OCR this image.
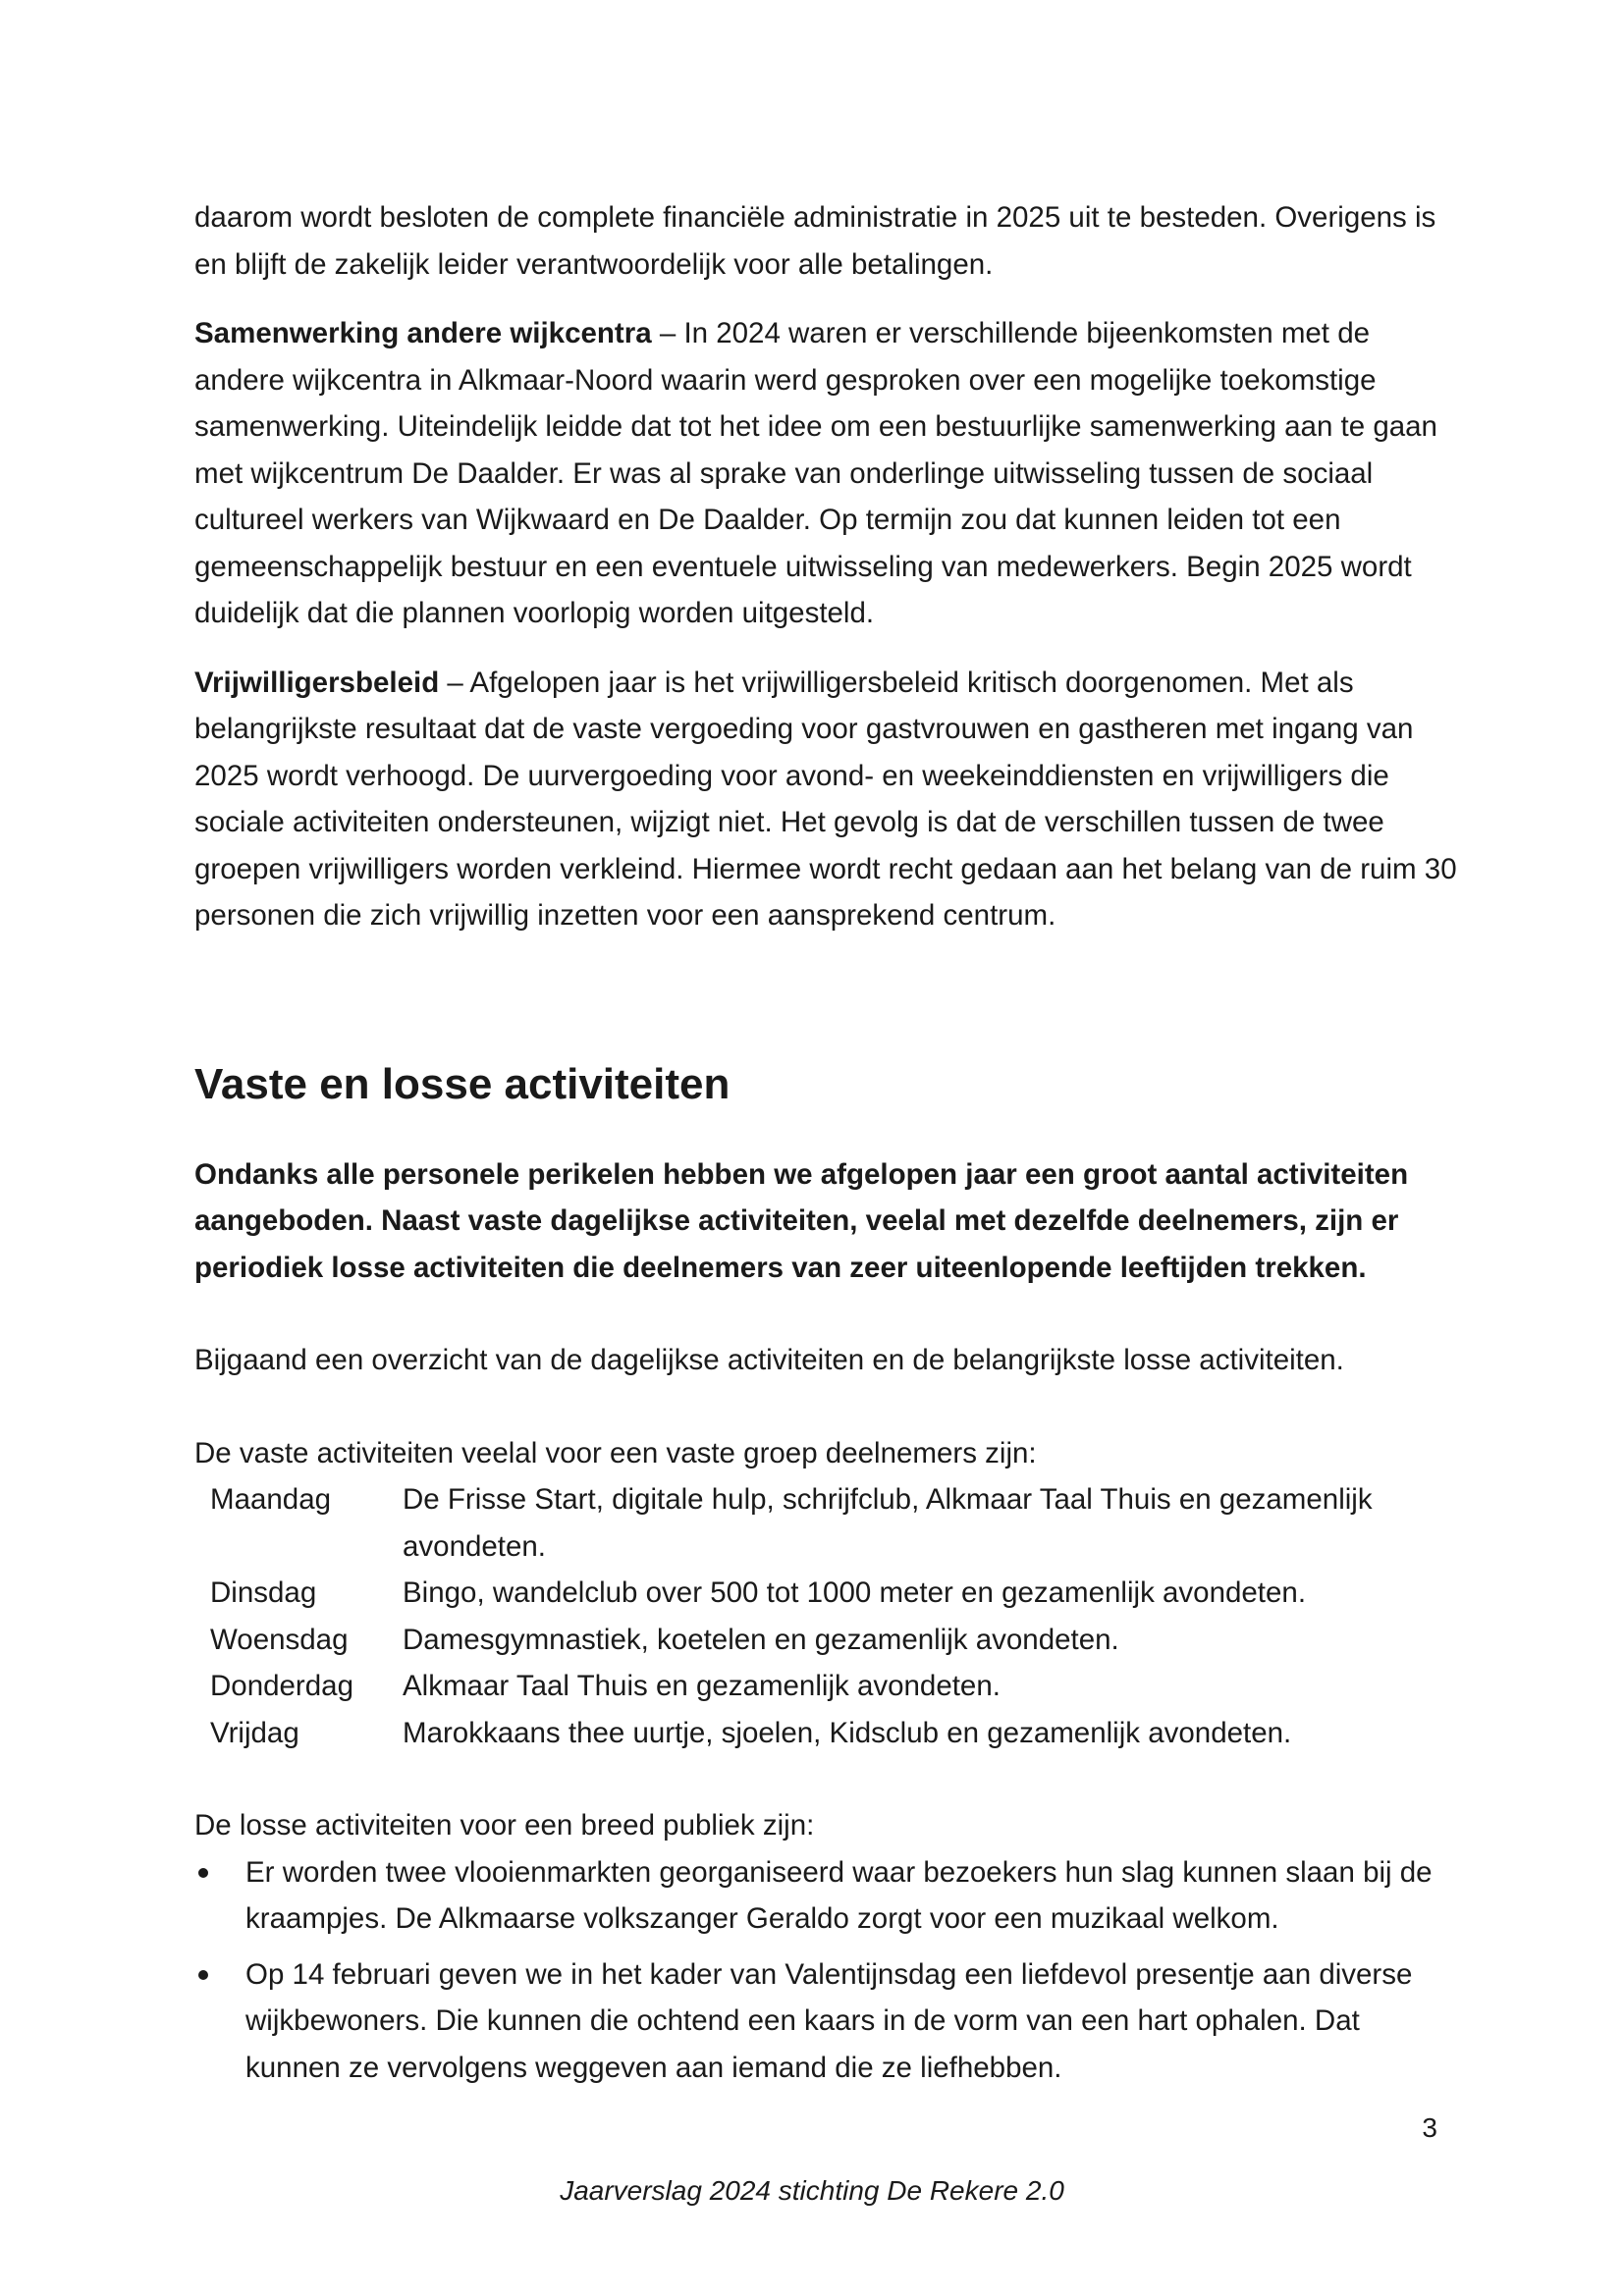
daarom wordt besloten de complete financiële administratie in 2025 uit te besteden. Overigens is en blijft de zakelijk leider verantwoordelijk voor alle betalingen.

Samenwerking andere wijkcentra – In 2024 waren er verschillende bijeenkomsten met de andere wijkcentra in Alkmaar-Noord waarin werd gesproken over een mogelijke toekomstige samenwerking. Uiteindelijk leidde dat tot het idee om een bestuurlijke samenwerking aan te gaan met wijkcentrum De Daalder. Er was al sprake van onderlinge uitwisseling tussen de sociaal cultureel werkers van Wijkwaard en De Daalder. Op termijn zou dat kunnen leiden tot een gemeenschappelijk bestuur en een eventuele uitwisseling van medewerkers. Begin 2025 wordt duidelijk dat die plannen voorlopig worden uitgesteld.

Vrijwilligersbeleid – Afgelopen jaar is het vrijwilligersbeleid kritisch doorgenomen. Met als belangrijkste resultaat dat de vaste vergoeding voor gastvrouwen en gastheren met ingang van 2025 wordt verhoogd. De uurvergoeding voor avond- en weekeinddiensten en vrijwilligers die sociale activiteiten ondersteunen, wijzigt niet. Het gevolg is dat de verschillen tussen de twee groepen vrijwilligers worden verkleind. Hiermee wordt recht gedaan aan het belang van de ruim 30 personen die zich vrijwillig inzetten voor een aansprekend centrum.

Vaste en losse activiteiten

Ondanks alle personele perikelen hebben we afgelopen jaar een groot aantal activiteiten aangeboden. Naast vaste dagelijkse activiteiten, veelal met dezelfde deelnemers, zijn er periodiek losse activiteiten die deelnemers van zeer uiteenlopende leeftijden trekken.

Bijgaand een overzicht van de dagelijkse activiteiten en de belangrijkste losse activiteiten.

De vaste activiteiten veelal voor een vaste groep deelnemers zijn:

Maandag	De Frisse Start, digitale hulp, schrijfclub, Alkmaar Taal Thuis en gezamenlijk avondeten.
Dinsdag	Bingo, wandelclub over 500 tot 1000 meter en gezamenlijk avondeten.
Woensdag	Damesgymnastiek, koetelen en gezamenlijk avondeten.
Donderdag	Alkmaar Taal Thuis en gezamenlijk avondeten.
Vrijdag	Marokkaans thee uurtje, sjoelen, Kidsclub en gezamenlijk avondeten.

De losse activiteiten voor een breed publiek zijn:

Er worden twee vlooienmarkten georganiseerd waar bezoekers hun slag kunnen slaan bij de kraampjes. De Alkmaarse volkszanger Geraldo zorgt voor een muzikaal welkom.
Op 14 februari geven we in het kader van Valentijnsdag een liefdevol presentje aan diverse wijkbewoners. Die kunnen die ochtend een kaars in de vorm van een hart ophalen. Dat kunnen ze vervolgens weggeven aan iemand die ze liefhebben.
3
Jaarverslag 2024 stichting De Rekere 2.0
